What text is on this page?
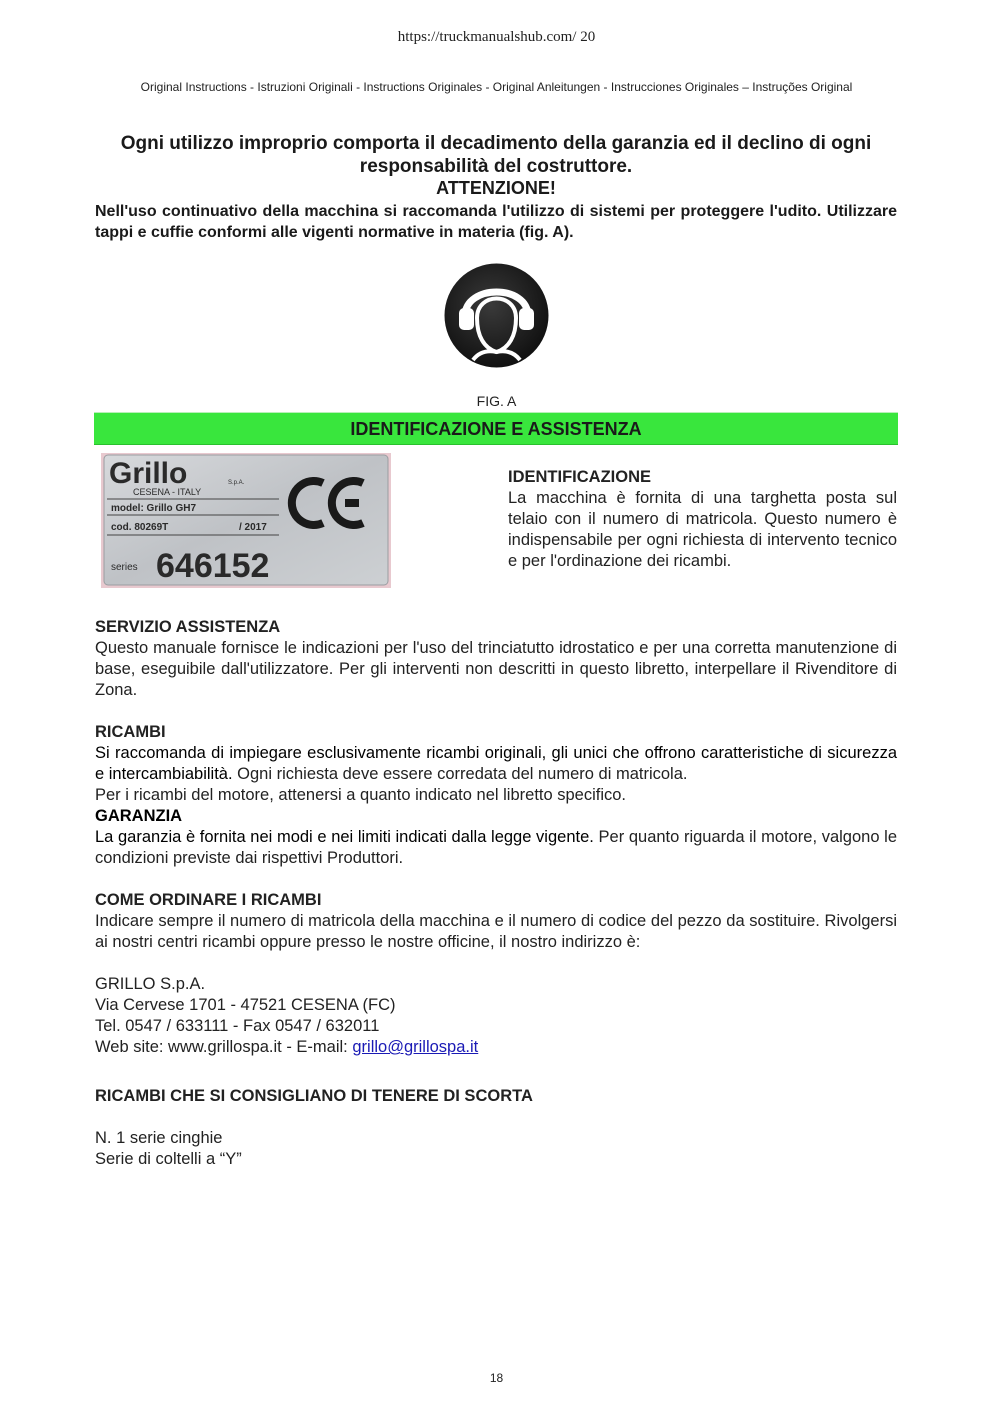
https://truckmanualshub.com/ 20
Original Instructions - Istruzioni Originali - Instructions Originales - Original Anleitungen - Instrucciones Originales – Instruções Original
Ogni utilizzo improprio comporta il decadimento della garanzia ed il declino di ogni
responsabilità del costruttore.
ATTENZIONE!
Nell'uso continuativo della macchina si raccomanda l'utilizzo di sistemi per proteggere l'udito. Utilizzare tappi e cuffie conformi alle vigenti normative in materia (fig. A).
FIG. A
IDENTIFICAZIONE E ASSISTENZA
Grillo	S.p.A.
CESENA - ITALY
model: Grillo GH7
cod. 80269T	/ 2017
series 646152
IDENTIFICAZIONE
La macchina è fornita di una targhetta posta sul telaio con il numero di matricola. Questo numero è indispensabile per ogni richiesta di intervento tecnico e per l'ordinazione dei ricambi.
SERVIZIO ASSISTENZA
Questo manuale fornisce le indicazioni per l'uso del trinciatutto idrostatico e per una corretta manutenzione di base, eseguibile dall'utilizzatore. Per gli interventi non descritti in questo libretto, interpellare il Rivenditore di Zona.
RICAMBI

Si raccomanda di impiegare esclusivamente ricambi originali, gli unici che offrono caratteristiche di sicurezza e intercambiabilità. Ogni richiesta deve essere corredata del numero di matricola.

Per i ricambi del motore, attenersi a quanto indicato nel libretto specifico.

GARANZIA

La garanzia è fornita nei modi e nei limiti indicati dalla legge vigente. Per quanto riguarda il motore, valgono le condizioni previste dai rispettivi Produttori.

COME ORDINARE I RICAMBI
Indicare sempre il numero di matricola della macchina e il numero di codice del pezzo da sostituire. Rivolgersi ai nostri centri ricambi oppure presso le nostre officine, il nostro indirizzo è:

GRILLO S.p.A.

Via Cervese 1701 - 47521 CESENA (FC)

Tel. 0547 / 633111 - Fax 0547 / 632011

Web site: www.grillospa.it - E-mail: grillo@grillospa.it

RICAMBI CHE SI CONSIGLIANO DI TENERE DI SCORTA

N. 1 serie cinghie

Serie di coltelli a “Y”

18
